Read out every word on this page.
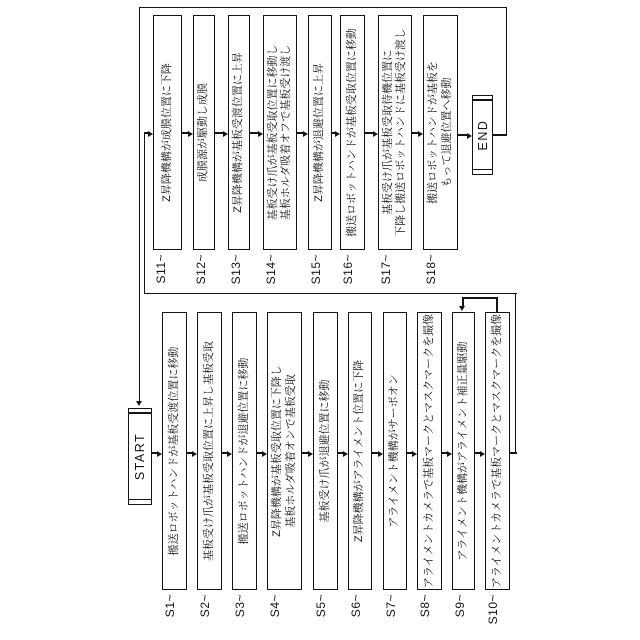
START
END
搬送ロボットハンドが基板受渡位置に移動 基板受け爪が基板受取位置に上昇し基板受取 搬送ロボットハンドが退避位置に移動 Z昇降機構が基板受取位置に下降し 基板ホルダ吸着オンで基板受取 基板受け爪が退避位置に移動 Z昇降機構がアライメント位置に下降 アライメント機構がサーボオン アライメントカメラで基板マークとマスクマークを撮像 アライメント機構がアライメント補正量駆動 アライメントカメラで基板マークとマスクマークを撮像
Z昇降機構が成膜位置に下降 成膜源が駆動し成膜 Z昇降機構が基板受渡位置に上昇 基板受け爪が基板受取位置に移動し 基板ホルダ吸着オフで基板受け渡し Z昇降機構が退避位置に上昇 搬送ロボットハンドが基板受取位置に移動 基板受け爪が基板受取待機位置に 下降し搬送ロボットハンドに基板受け渡し 搬送ロボットハンドが基板を もって退避位置へ移動
S1~ S2~ S3~ S4~	S5~ S6~ S7~ S8~ S9~ S10~
S11~ S12~ S13~ S14~	S15~ S16~ S17~	S18~
